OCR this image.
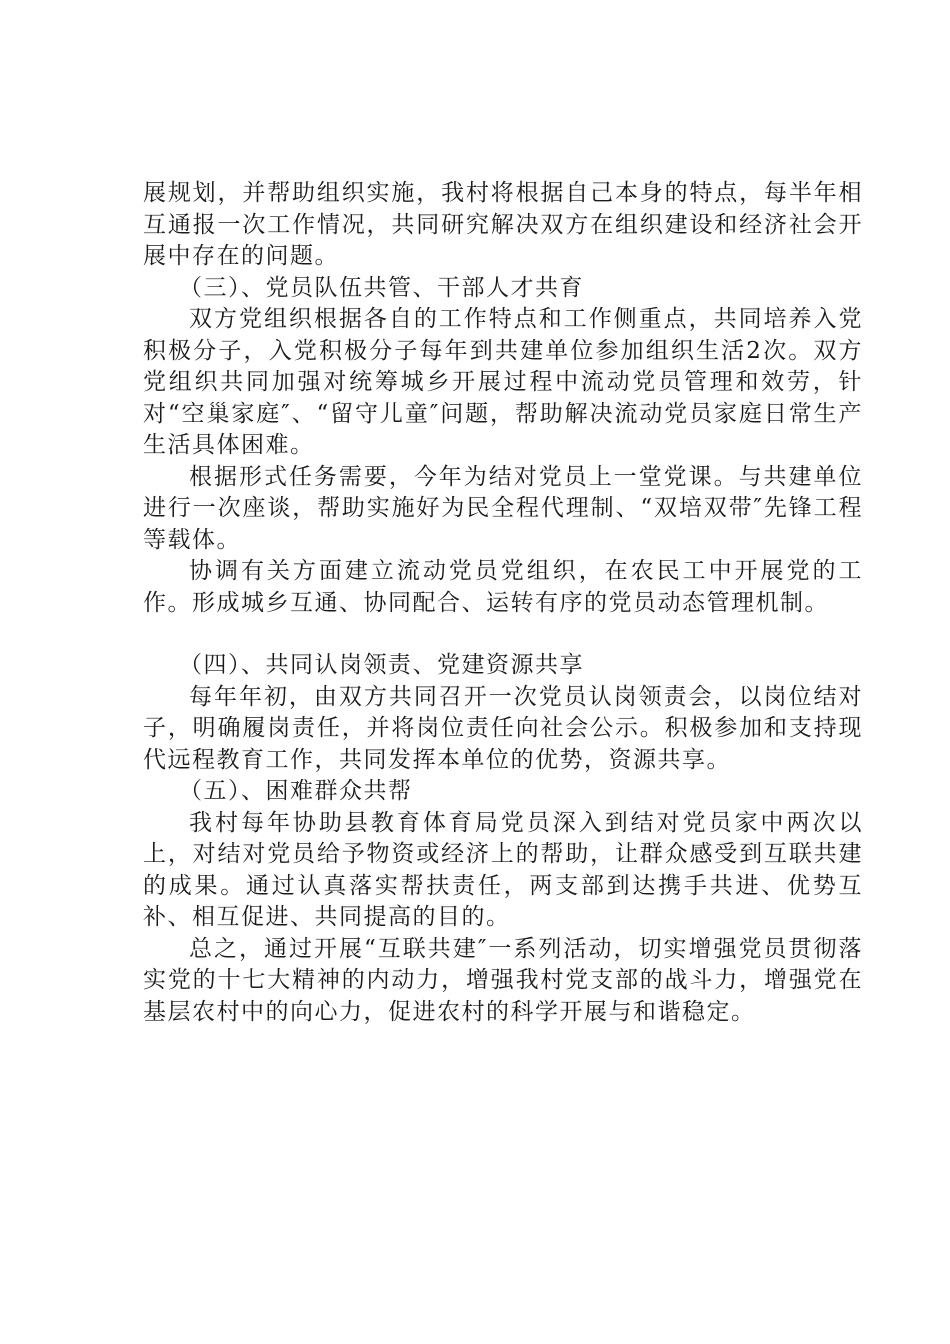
展规划，并帮助组织实施，我村将根据自己本身的特点，每半年相互通报一次工作情况，共同研究解决双方在组织建设和经济社会开展中存在的问题。

（三）、党员队伍共管、干部人才共育

双方党组织根据各自的工作特点和工作侧重点，共同培养入党积极分子，入党积极分子每年到共建单位参加组织生活2次。双方党组织共同加强对统筹城乡开展过程中流动党员管理和效劳，针对“空巢家庭″、“留守儿童″问题，帮助解决流动党员家庭日常生产生活具体困难。

根据形式任务需要，今年为结对党员上一堂党课。与共建单位进行一次座谈，帮助实施好为民全程代理制、“双培双带″先锋工程等载体。

协调有关方面建立流动党员党组织，在农民工中开展党的工作。形成城乡互通、协同配合、运转有序的党员动态管理机制。

（四）、共同认岗领责、党建资源共享

每年年初，由双方共同召开一次党员认岗领责会，以岗位结对子，明确履岗责任，并将岗位责任向社会公示。积极参加和支持现代远程教育工作，共同发挥本单位的优势，资源共享。

（五）、困难群众共帮

我村每年协助县教育体育局党员深入到结对党员家中两次以上，对结对党员给予物资或经济上的帮助，让群众感受到互联共建的成果。通过认真落实帮扶责任，两支部到达携手共进、优势互补、相互促进、共同提高的目的。

总之，通过开展“互联共建″一系列活动，切实增强党员贯彻落实党的十七大精神的内动力，增强我村党支部的战斗力，增强党在基层农村中的向心力，促进农村的科学开展与和谐稳定。
